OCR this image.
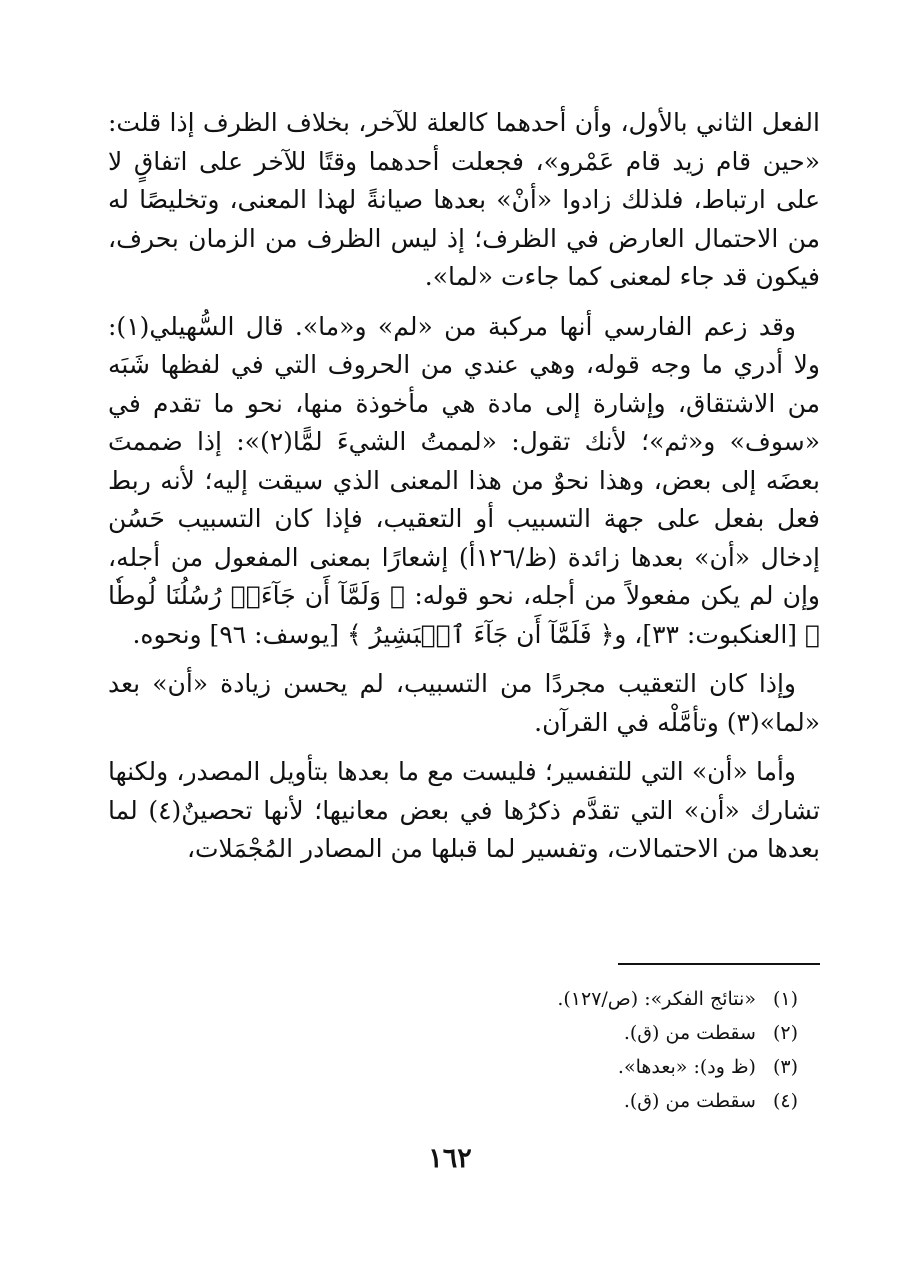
الفعل الثاني بالأول، وأن أحدهما كالعلة للآخر، بخلاف الظرف إذا قلت: «حين قام زيد قام عَمْرو»، فجعلت أحدهما وقتًا للآخر على اتفاقٍ لا على ارتباط، فلذلك زادوا «أنْ» بعدها صيانةً لهذا المعنى، وتخليصًا له من الاحتمال العارض في الظرف؛ إذ ليس الظرف من الزمان بحرف، فيكون قد جاء لمعنى كما جاءت «لما».

وقد زعم الفارسي أنها مركبة من «لم» و«ما». قال السُّهيلي(١): ولا أدري ما وجه قوله، وهي عندي من الحروف التي في لفظها شَبَه من الاشتقاق، وإشارة إلى مادة هي مأخوذة منها، نحو ما تقدم في «سوف» و«ثم»؛ لأنك تقول: «لممتُ الشيءَ لمًّا(٢)»: إذا ضممتَ بعضَه إلى بعض، وهذا نحوٌ من هذا المعنى الذي سيقت إليه؛ لأنه ربط فعل بفعل على جهة التسبيب أو التعقيب، فإذا كان التسبيب حَسُن إدخال «أن» بعدها زائدة (ظ/١٢٦أ) إشعارًا بمعنى المفعول من أجله، وإن لم يكن مفعولاً من أجله، نحو قوله: ﴿ وَلَمَّآ أَن جَآءَتۡ رُسُلُنَا لُوطٗا ﴾ [العنكبوت: ٣٣]، و﴿ فَلَمَّآ أَن جَآءَ ٱلۡبَشِيرُ ﴾ [يوسف: ٩٦] ونحوه.

وإذا كان التعقيب مجردًا من التسبيب، لم يحسن زيادة «أن» بعد «لما»(٣) وتأمَّلْه في القرآن.

وأما «أن» التي للتفسير؛ فليست مع ما بعدها بتأويل المصدر، ولكنها تشارك «أن» التي تقدَّم ذكرُها في بعض معانيها؛ لأنها تحصينٌ(٤) لما بعدها من الاحتمالات، وتفسير لما قبلها من المصادر المُجْمَلات،

(١) «نتائج الفكر»: (ص/١٢٧).
(٢) سقطت من (ق).
(٣) (ظ ود): «بعدها».
(٤) سقطت من (ق).
١٦٢
